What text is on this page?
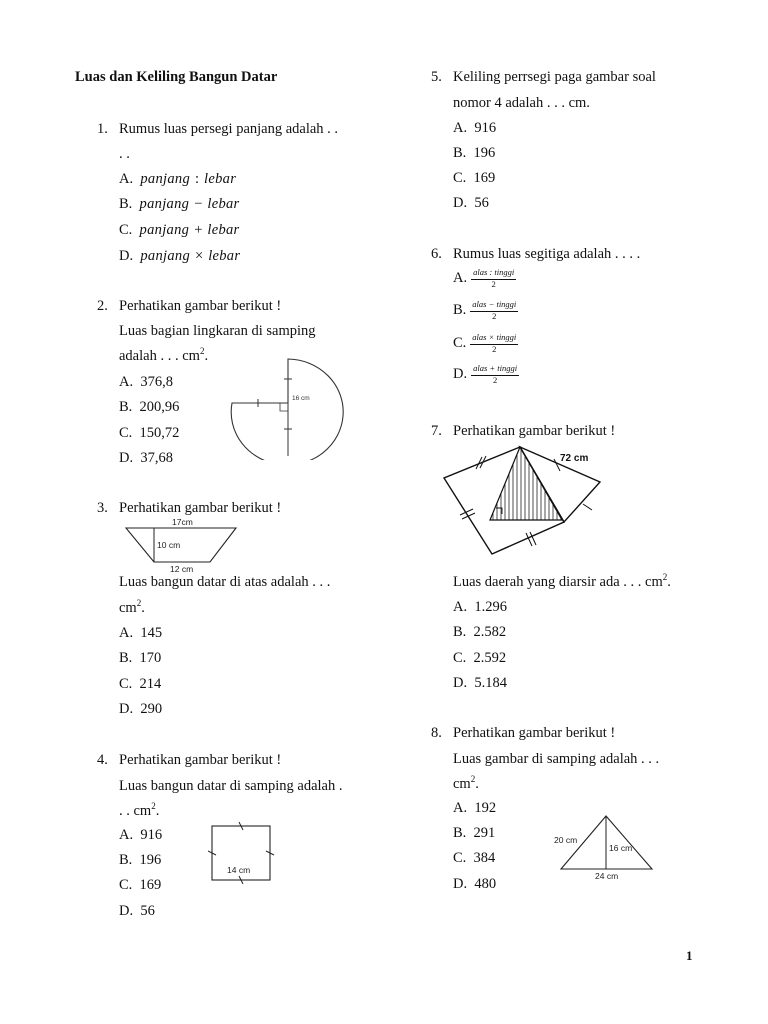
Luas dan Keliling Bangun Datar
1. Rumus luas persegi panjang adalah . .
. .
A. panjang : lebar
B. panjang − lebar
C. panjang + lebar
D. panjang × lebar
2. Perhatikan gambar berikut !
Luas bagian lingkaran di samping
adalah . . . $cm^2$.
A. 376,8
B. 200,96
C. 150,72
D. 37,68
16 cm
3. Perhatikan gambar berikut !
17cm
10 cm
12 cm
Luas bangun datar di atas adalah . . .
$cm^2$.
A. 145
B. 170
C. 214
D. 290
4. Perhatikan gambar berikut !
Luas bangun datar di samping adalah .
. . $cm^2$.
A. 916
B. 196
C. 169
D. 56
14 cm
5. Keliling perrsegi paga gambar soal
nomor 4 adalah . . . cm.
A. 916
B. 196
C. 169
D. 56
6. Rumus luas segitiga adalah . . . .
A. $\frac{\text{alas : tinggi}}{2}$
B. $\frac{\text{alas − tinggi}}{2}$
C. $\frac{\text{alas × tinggi}}{2}$
D. $\frac{\text{alas + tinggi}}{2}$
7. Perhatikan gambar berikut !
72 cm
Luas daerah yang diarsir ada . . . $cm^2$.
A. 1.296
B. 2.582
C. 2.592
D. 5.184
8. Perhatikan gambar berikut !
Luas gambar di samping adalah . . .
$cm^2$.
A. 192
B. 291
C. 384
D. 480
20 cm
16 cm
24 cm
1
